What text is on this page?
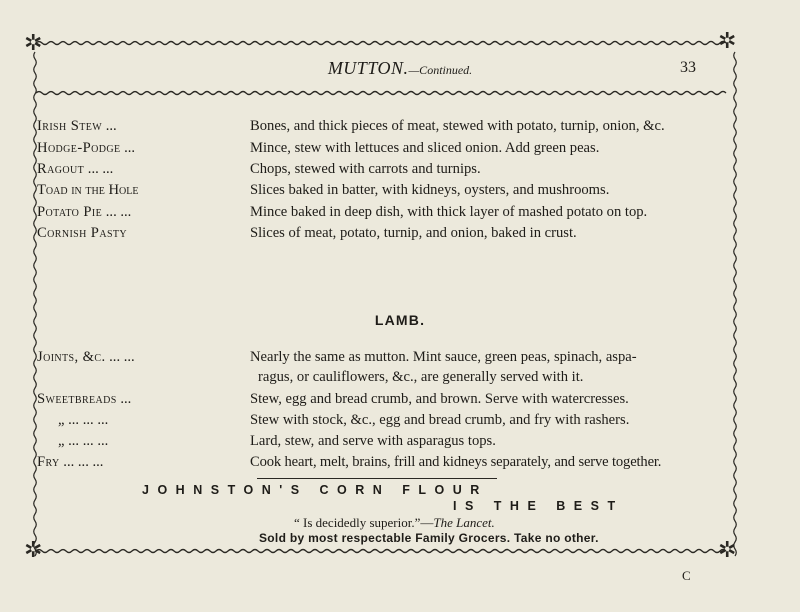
✲	✲
MUTTON.—Continued.	33
Irish Stew ...	Bones, and thick pieces of meat, stewed with potato, turnip, onion, &c.
Hodge-Podge ...	Mince, stew with lettuces and sliced onion. Add green peas.
Ragout ... ...	Chops, stewed with carrots and turnips.
Toad in the Hole	Slices baked in batter, with kidneys, oysters, and mushrooms.
Potato Pie ... ...	Mince baked in deep dish, with thick layer of mashed potato on top.
Cornish Pasty	Slices of meat, potato, turnip, and onion, baked in crust.
LAMB.
Joints, &c. ... ...	Nearly the same as mutton. Mint sauce, green peas, spinach, aspa-
ragus, or cauliflowers, &c., are generally served with it.
Sweetbreads ...	Stew, egg and bread crumb, and brown. Serve with watercresses.
„ ... ... ...	Stew with stock, &c., egg and bread crumb, and fry with rashers.
„ ... ... ...	Lard, stew, and serve with asparagus tops.
Fry ... ... ...	Cook heart, melt, brains, frill and kidneys separately, and serve together.
JOHNSTON'S CORN FLOUR
IS THE BEST
“ Is decidedly superior.”—The Lancet.
Sold by most respectable Family Grocers. Take no other.
✲	✲
C
